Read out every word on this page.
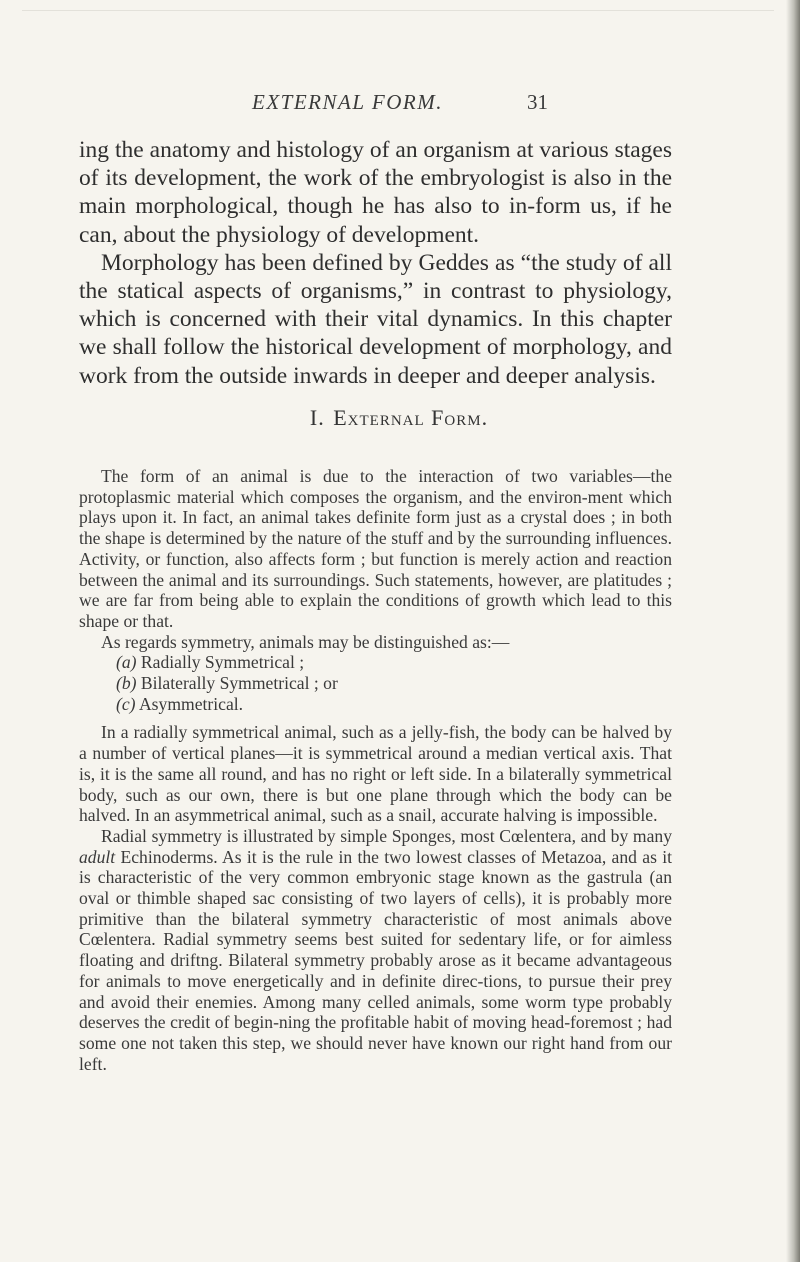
EXTERNAL FORM.	31

ing the anatomy and histology of an organism at various stages of its development, the work of the embryologist is also in the main morphological, though he has also to in-form us, if he can, about the physiology of development.

Morphology has been defined by Geddes as “the study of all the statical aspects of organisms,” in contrast to physiology, which is concerned with their vital dynamics. In this chapter we shall follow the historical development of morphology, and work from the outside inwards in deeper and deeper analysis.

I. External Form.

The form of an animal is due to the interaction of two variables—the protoplasmic material which composes the organism, and the environ-ment which plays upon it. In fact, an animal takes definite form just as a crystal does ; in both the shape is determined by the nature of the stuff and by the surrounding influences. Activity, or function, also affects form ; but function is merely action and reaction between the animal and its surroundings. Such statements, however, are platitudes ; we are far from being able to explain the conditions of growth which lead to this shape or that.

As regards symmetry, animals may be distinguished as:—

(a) Radially Symmetrical ;
(b) Bilaterally Symmetrical ; or
(c) Asymmetrical.

In a radially symmetrical animal, such as a jelly-fish, the body can be halved by a number of vertical planes—it is symmetrical around a median vertical axis. That is, it is the same all round, and has no right or left side. In a bilaterally symmetrical body, such as our own, there is but one plane through which the body can be halved. In an asymmetrical animal, such as a snail, accurate halving is impossible.

Radial symmetry is illustrated by simple Sponges, most Cœlentera, and by many adult Echinoderms. As it is the rule in the two lowest classes of Metazoa, and as it is characteristic of the very common embryonic stage known as the gastrula (an oval or thimble shaped sac consisting of two layers of cells), it is probably more primitive than the bilateral symmetry characteristic of most animals above Cœlentera. Radial symmetry seems best suited for sedentary life, or for aimless floating and driftng. Bilateral symmetry probably arose as it became advantageous for animals to move energetically and in definite direc-tions, to pursue their prey and avoid their enemies. Among many celled animals, some worm type probably deserves the credit of begin-ning the profitable habit of moving head-foremost ; had some one not taken this step, we should never have known our right hand from our left.
